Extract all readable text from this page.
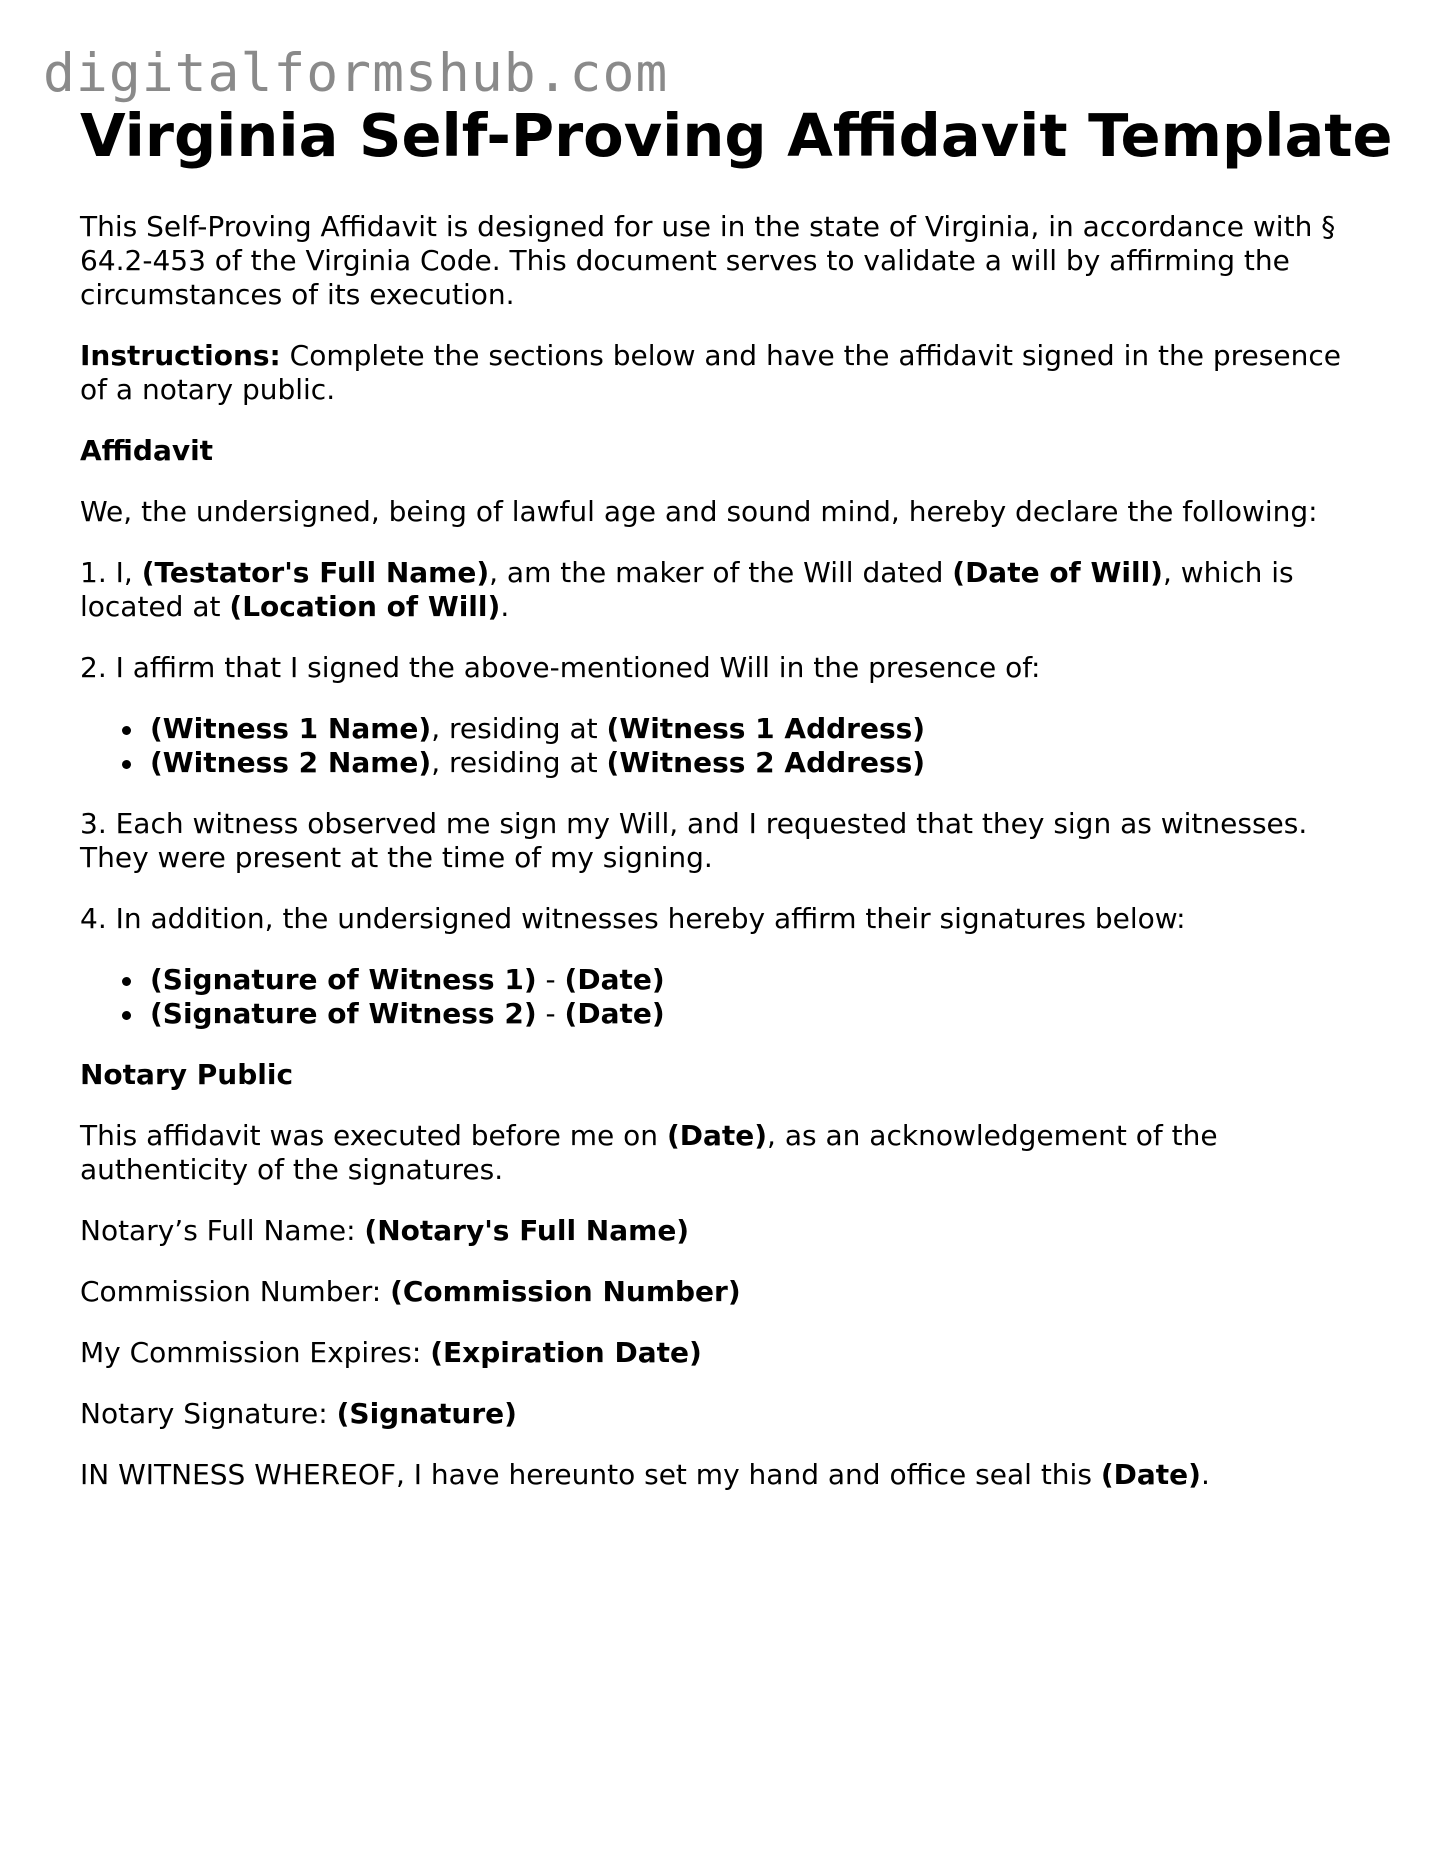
digitalformshub.com
Virginia Self-Proving Affidavit Template

This Self-Proving Affidavit is designed for use in the state of Virginia, in accordance with § 64.2-453 of the Virginia Code. This document serves to validate a will by affirming the circumstances of its execution.

Instructions: Complete the sections below and have the affidavit signed in the presence of a notary public.

Affidavit

We, the undersigned, being of lawful age and sound mind, hereby declare the following:

1. I, (Testator's Full Name), am the maker of the Will dated (Date of Will), which is located at (Location of Will).

2. I affirm that I signed the above-mentioned Will in the presence of:

(Witness 1 Name), residing at (Witness 1 Address)
(Witness 2 Name), residing at (Witness 2 Address)

3. Each witness observed me sign my Will, and I requested that they sign as witnesses. They were present at the time of my signing.

4. In addition, the undersigned witnesses hereby affirm their signatures below:

(Signature of Witness 1) - (Date)
(Signature of Witness 2) - (Date)

Notary Public

This affidavit was executed before me on (Date), as an acknowledgement of the authenticity of the signatures.

Notary’s Full Name: (Notary's Full Name)

Commission Number: (Commission Number)

My Commission Expires: (Expiration Date)

Notary Signature: (Signature)

IN WITNESS WHEREOF, I have hereunto set my hand and office seal this (Date).
